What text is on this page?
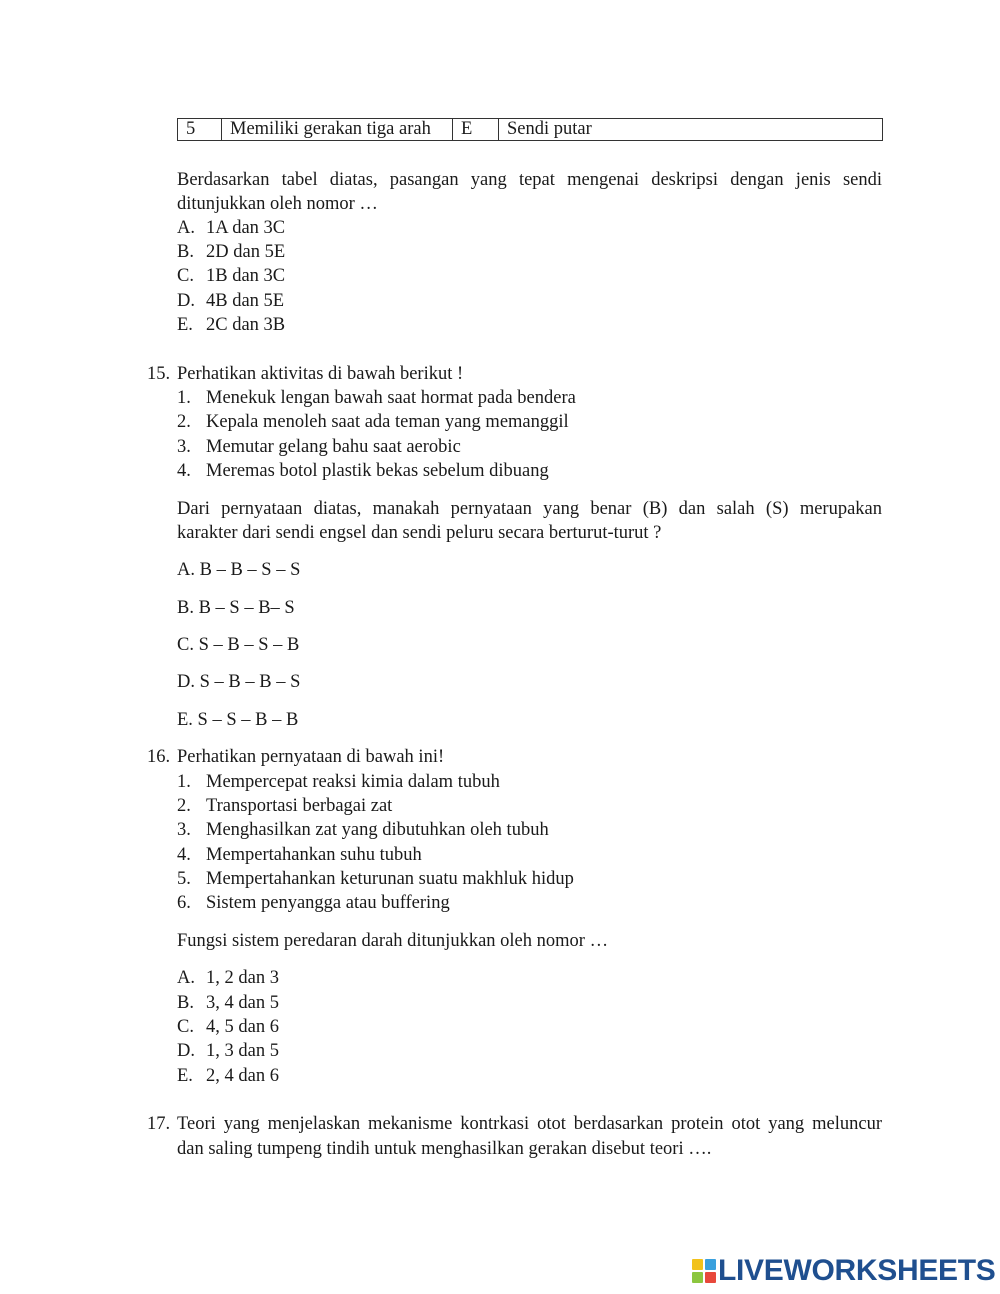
5	Memiliki gerakan tiga arah	E	Sendi putar
Berdasarkan tabel diatas, pasangan yang tepat mengenai deskripsi dengan jenis sendi
ditunjukkan oleh nomor …
A. 1A dan 3C
B. 2D dan 5E
C. 1B dan 3C
D. 4B dan 5E
E. 2C dan 3B
15. Perhatikan aktivitas di bawah berikut !
1. Menekuk lengan bawah saat hormat pada bendera
2. Kepala menoleh saat ada teman yang memanggil
3. Memutar gelang bahu saat aerobic
4. Meremas botol plastik bekas sebelum dibuang
Dari pernyataan diatas, manakah pernyataan yang benar (B) dan salah (S) merupakan
karakter dari sendi engsel dan sendi peluru secara berturut-turut ?
A. B – B – S – S
B. B – S – B– S
C. S – B – S – B
D. S – B – B – S
E. S – S – B – B
16. Perhatikan pernyataan di bawah ini!
1. Mempercepat reaksi kimia dalam tubuh
2. Transportasi berbagai zat
3. Menghasilkan zat yang dibutuhkan oleh tubuh
4. Mempertahankan suhu tubuh
5. Mempertahankan keturunan suatu makhluk hidup
6. Sistem penyangga atau buffering
Fungsi sistem peredaran darah ditunjukkan oleh nomor …
A. 1, 2 dan 3
B. 3, 4 dan 5
C. 4, 5 dan 6
D. 1, 3 dan 5
E. 2, 4 dan 6
17. Teori yang menjelaskan mekanisme kontrkasi otot berdasarkan protein otot yang meluncur
dan saling tumpeng tindih untuk menghasilkan gerakan disebut teori ….
LIVEWORKSHEETS
